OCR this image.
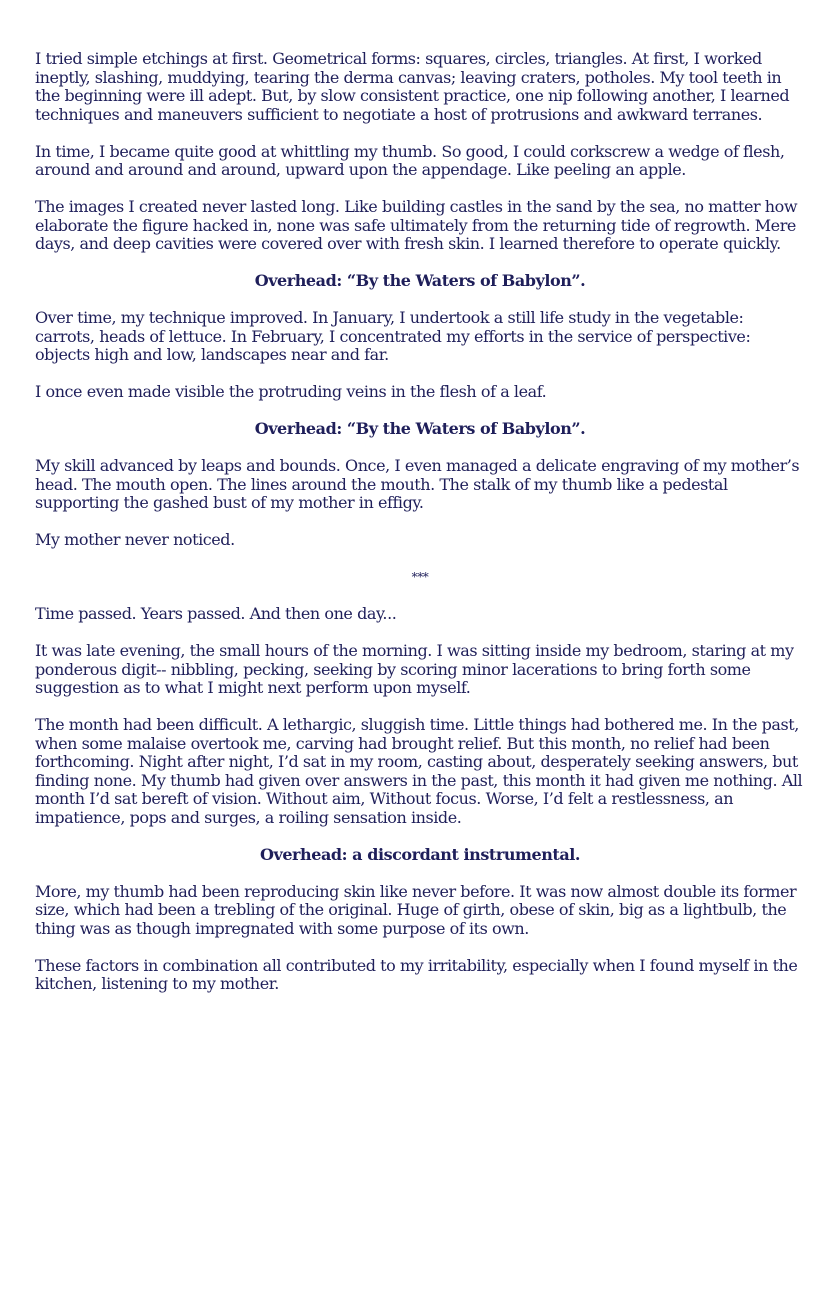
I tried simple etchings at first. Geometrical forms: squares, circles, triangles. At first, I worked ineptly, slashing, muddying, tearing the derma canvas; leaving craters, potholes. My tool teeth in the beginning were ill adept. But, by slow consistent practice, one nip following another, I learned techniques and maneuvers sufficient to negotiate a host of protrusions and awkward terranes.

In time, I became quite good at whittling my thumb. So good, I could corkscrew a wedge of flesh, around and around and around, upward upon the appendage. Like peeling an apple.

The images I created never lasted long. Like building castles in the sand by the sea, no matter how elaborate the figure hacked in, none was safe ultimately from the returning tide of regrowth. Mere days, and deep cavities were covered over with fresh skin. I learned therefore to operate quickly.

Overhead: “By the Waters of Babylon”.

Over time, my technique improved. In January, I undertook a still life study in the vegetable: carrots, heads of lettuce. In February, I concentrated my efforts in the service of perspective: objects high and low, landscapes near and far.

I once even made visible the protruding veins in the flesh of a leaf.

Overhead: “By the Waters of Babylon”.

My skill advanced by leaps and bounds. Once, I even managed a delicate engraving of my mother’s head. The mouth open. The lines around the mouth. The stalk of my thumb like a pedestal supporting the gashed bust of my mother in effigy.

My mother never noticed.

***

Time passed. Years passed. And then one day...

It was late evening, the small hours of the morning. I was sitting inside my bedroom, staring at my ponderous digit-- nibbling, pecking, seeking by scoring minor lacerations to bring forth some suggestion as to what I might next perform upon myself.

The month had been difficult. A lethargic, sluggish time. Little things had bothered me. In the past, when some malaise overtook me, carving had brought relief. But this month, no relief had been forthcoming. Night after night, I’d sat in my room, casting about, desperately seeking answers, but finding none. My thumb had given over answers in the past, this month it had given me nothing. All month I’d sat bereft of vision. Without aim, Without focus. Worse, I’d felt a restlessness, an impatience, pops and surges, a roiling sensation inside.

Overhead: a discordant instrumental.

More, my thumb had been reproducing skin like never before. It was now almost double its former size, which had been a trebling of the original. Huge of girth, obese of skin, big as a lightbulb, the thing was as though impregnated with some purpose of its own.

These factors in combination all contributed to my irritability, especially when I found myself in the kitchen, listening to my mother.
